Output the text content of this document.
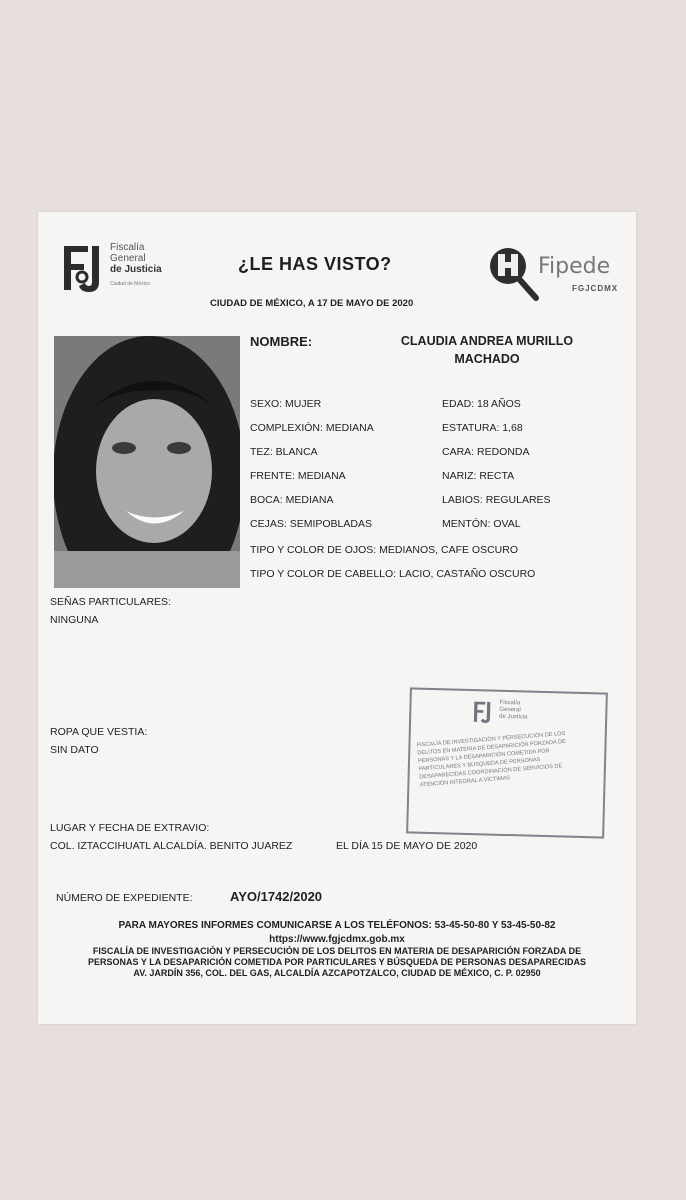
Fiscalía
General
de Justicia
Ciudad de México
¿LE HAS VISTO?
CIUDAD DE MÉXICO, A 17 DE MAYO DE 2020
Fipede
FGJCDMX
NOMBRE:	CLAUDIA ANDREA MURILLO
MACHADO
SEXO: MUJER	EDAD: 18 AÑOS
COMPLEXIÓN: MEDIANA	ESTATURA: 1,68
TEZ: BLANCA	CARA: REDONDA
FRENTE: MEDIANA	NARIZ: RECTA
BOCA: MEDIANA	LABIOS: REGULARES
CEJAS: SEMIPOBLADAS	MENTÓN: OVAL
TIPO Y COLOR DE OJOS: MEDIANOS, CAFE OSCURO
TIPO Y COLOR DE CABELLO: LACIO, CASTAÑO OSCURO
SEÑAS PARTICULARES:
NINGUNA
ROPA QUE VESTIA:
SIN DATO
Fiscalía
General
de Justicia
FISCALÍA DE INVESTIGACIÓN Y PERSECUCIÓN DE LOS DELITOS EN MATERIA DE DESAPARICIÓN FORZADA DE PERSONAS Y LA DESAPARICIÓN COMETIDA POR PARTICULARES Y BÚSQUEDA DE PERSONAS DESAPARECIDAS COORDINACIÓN DE SERVICIOS DE ATENCIÓN INTEGRAL A VÍCTIMAS
LUGAR Y FECHA DE EXTRAVIO:
COL. IZTACCIHUATL ALCALDÍA. BENITO JUAREZ	EL DÍA 15 DE MAYO DE 2020
NÚMERO DE EXPEDIENTE:	AYO/1742/2020
PARA MAYORES INFORMES COMUNICARSE A LOS TELÉFONOS: 53-45-50-80 Y 53-45-50-82
https://www.fgjcdmx.gob.mx
FISCALÍA DE INVESTIGACIÓN Y PERSECUCIÓN DE LOS DELITOS EN MATERIA DE DESAPARICIÓN FORZADA DE
PERSONAS Y LA DESAPARICIÓN COMETIDA POR PARTICULARES Y BÚSQUEDA DE PERSONAS DESAPARECIDAS
AV. JARDÍN 356, COL. DEL GAS, ALCALDÍA AZCAPOTZALCO, CIUDAD DE MÉXICO, C. P. 02950
